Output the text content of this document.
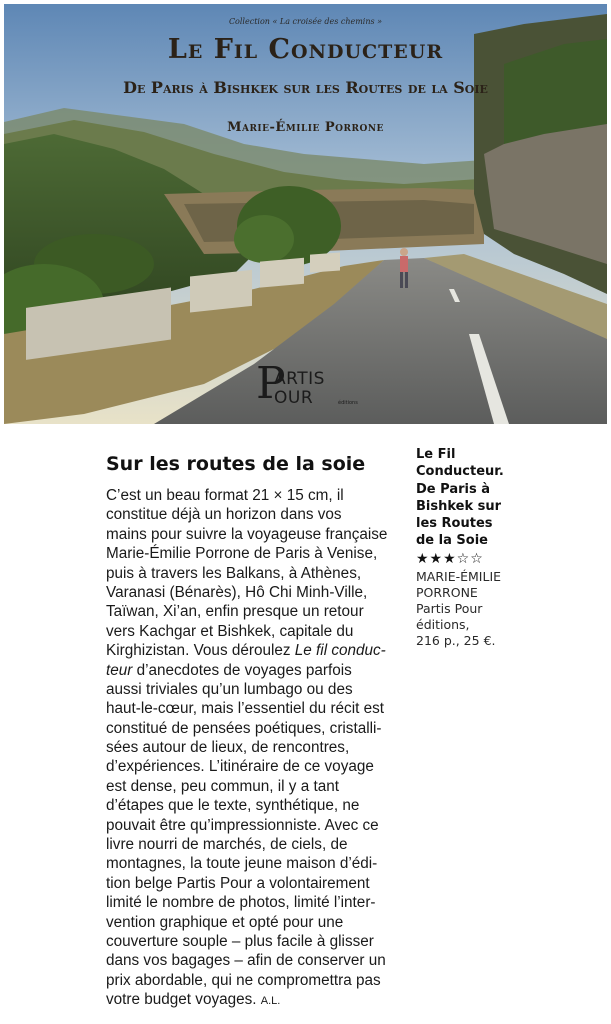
Collection « La croisée des chemins »
Le Fil Conducteur
De Paris à Bishkek sur les Routes de la Soie
Marie-Émilie Porrone
P
ARTIS
OUR	éditions
Sur les routes de la soie
C’est un beau format 21 × 15 cm, il
constitue déjà un horizon dans vos
mains pour suivre la voyageuse française
Marie-Émilie Porrone de Paris à Venise,
puis à travers les Balkans, à Athènes,
Varanasi (Bénarès), Hô Chi Minh-Ville,
Taïwan, Xi’an, enfin presque un retour
vers Kachgar et Bishkek, capitale du
Kirghizistan. Vous déroulez Le fil conduc-
teur d’anecdotes de voyages parfois
aussi triviales qu’un lumbago ou des
haut-le-cœur, mais l’essentiel du récit est
constitué de pensées poétiques, cristalli-
sées autour de lieux, de rencontres,
d’expériences. L’itinéraire de ce voyage
est dense, peu commun, il y a tant
d’étapes que le texte, synthétique, ne
pouvait être qu’impressionniste. Avec ce
livre nourri de marchés, de ciels, de
montagnes, la toute jeune maison d’édi-
tion belge Partis Pour a volontairement
limité le nombre de photos, limité l’inter-
vention graphique et opté pour une
couverture souple – plus facile à glisser
dans vos bagages – afin de conserver un
prix abordable, qui ne compromettra pas
votre budget voyages. A.L.
Le Fil
Conducteur.
De Paris à
Bishkek sur
les Routes
de la Soie
★★★☆☆
MARIE-ÉMILIE
PORRONE
Partis Pour
éditions,
216 p., 25 €.
